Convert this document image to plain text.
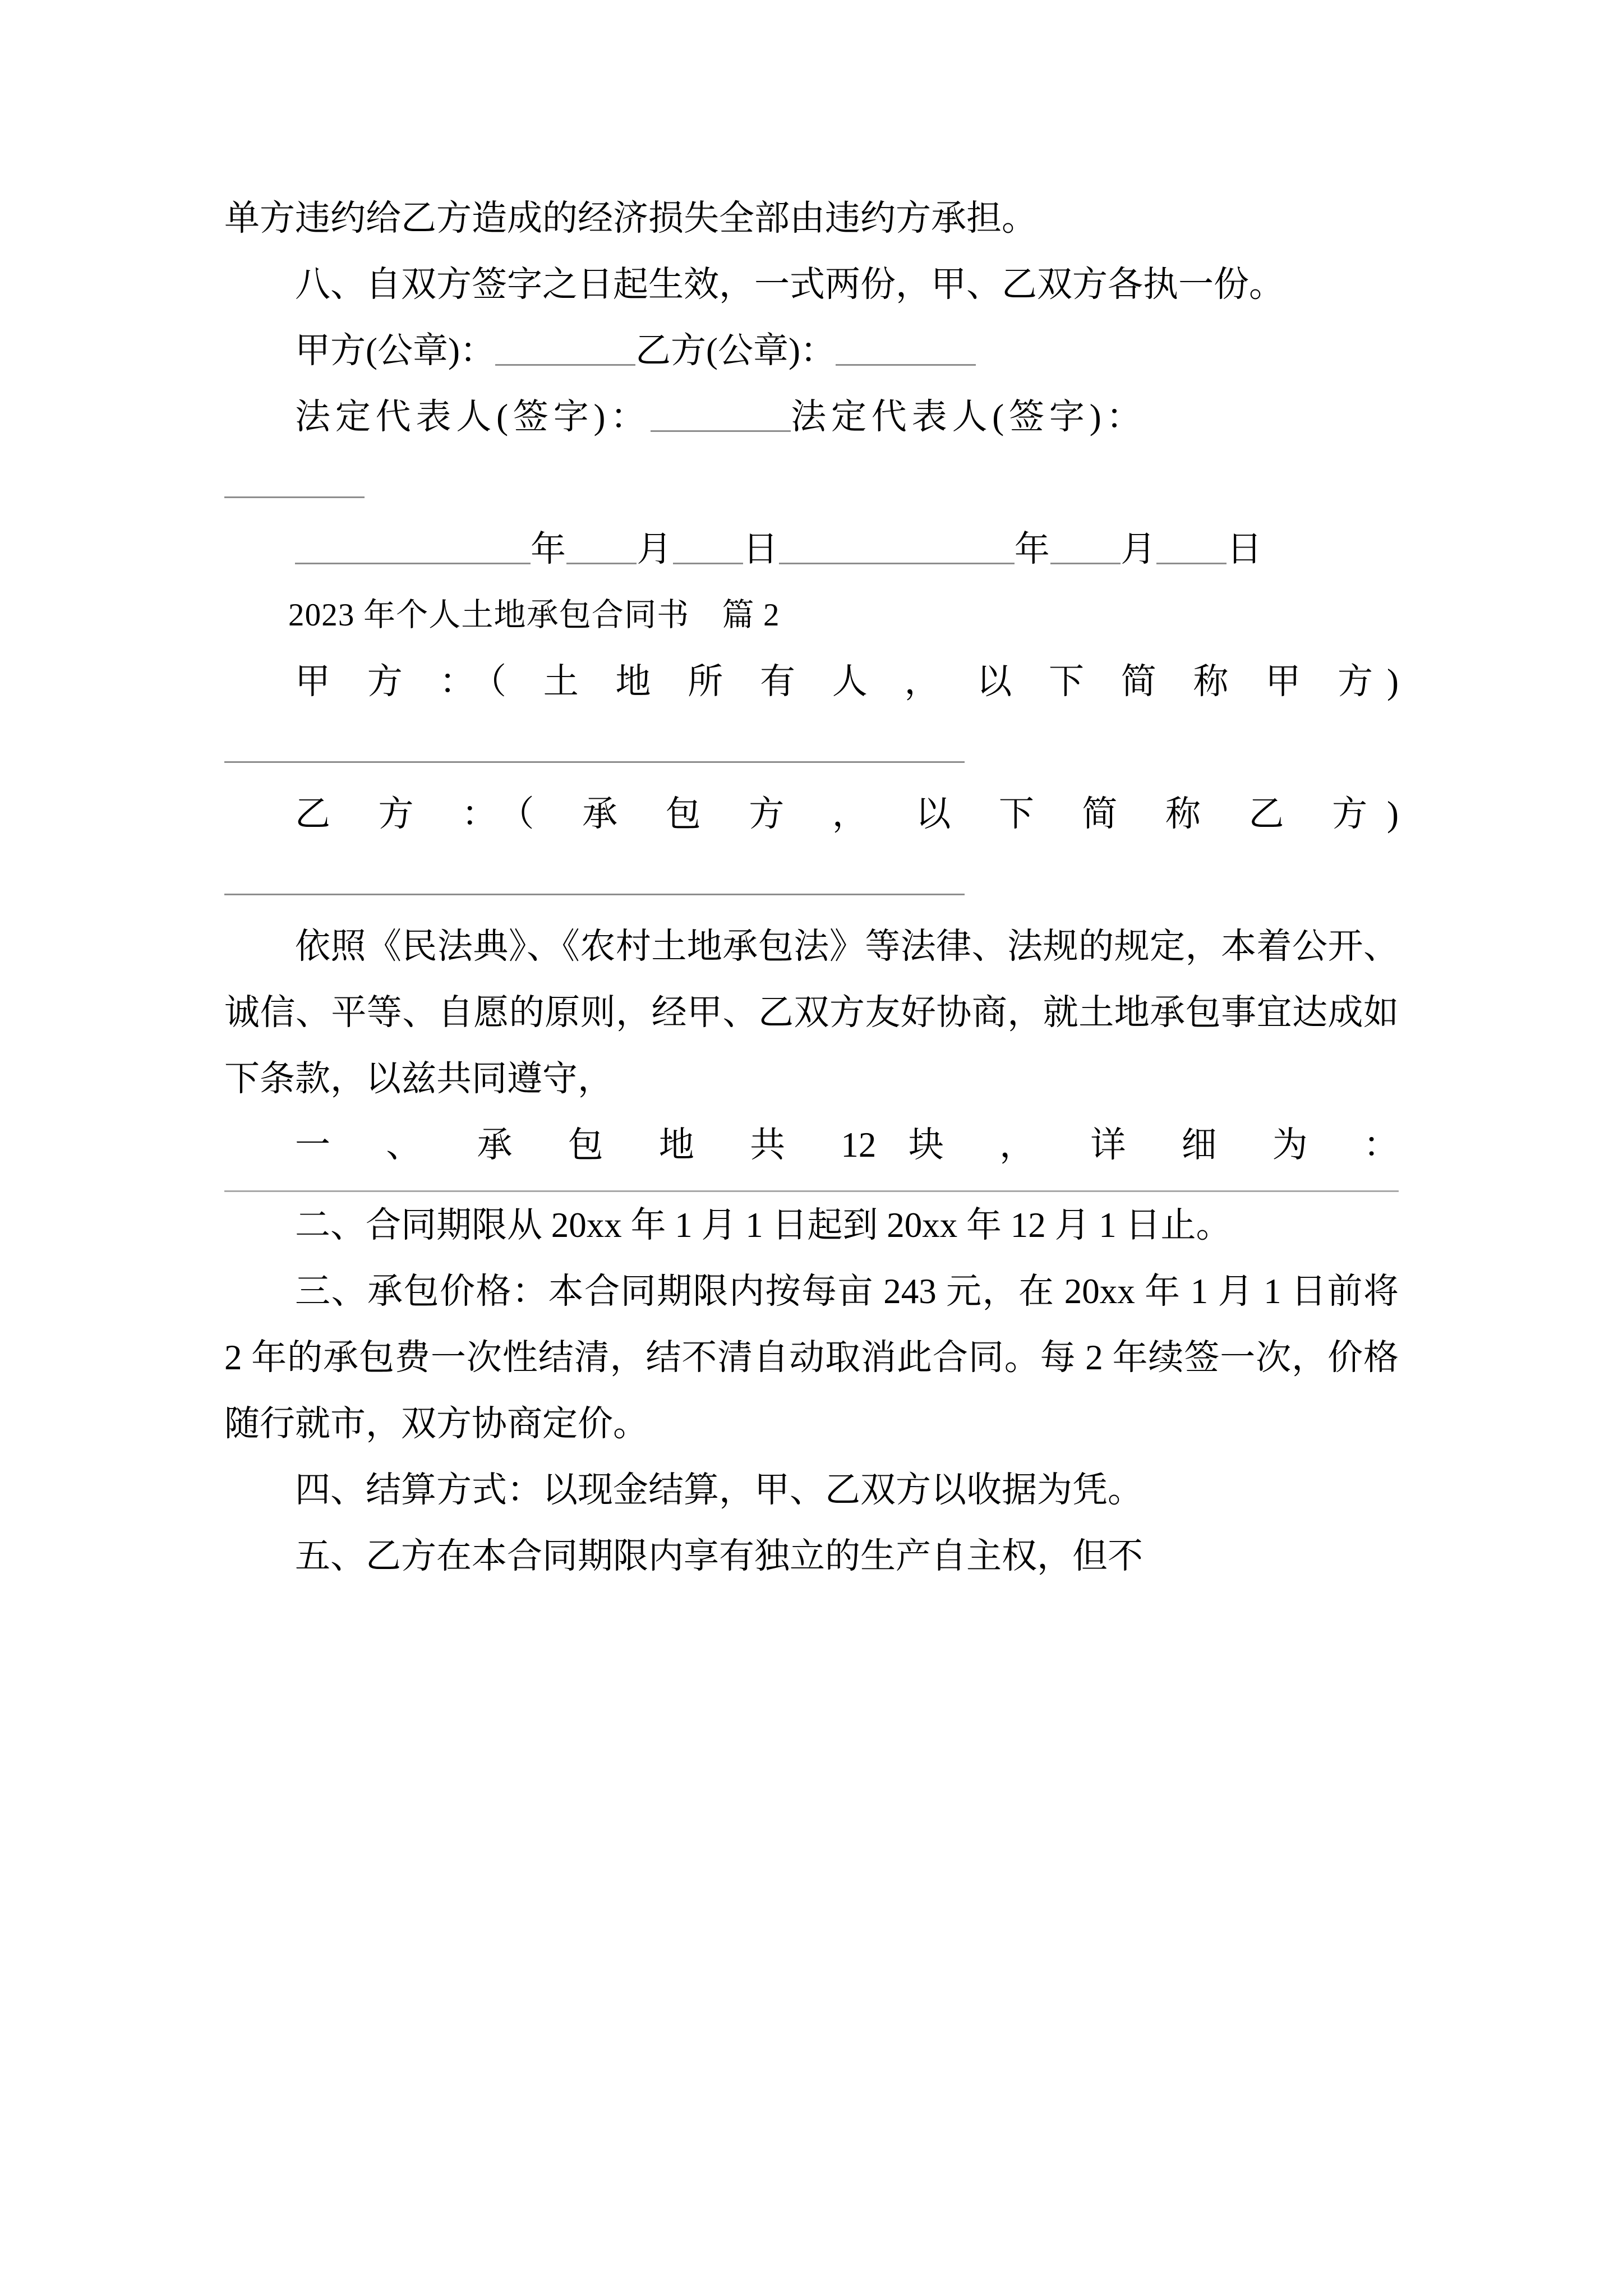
单方违约给乙方造成的经济损失全部由违约方承担。

八、自双方签字之日起生效，一式两份，甲、乙双方各执一份。

甲方(公章)：	乙方(公章)：

法定代表人(签字)：	法定代表人(签字)：

年 月 日	年 月 日

2023 年个人土地承包合同书　篇 2

甲 方 ：（ 土 地 所 有 人 ， 以 下 简 称 甲 方)

乙 方 ：（ 承 包 方 ， 以 下 简 称 乙 方)

依照《民法典》、《农村土地承包法》等法律、法规的规定，本着公开、诚信、平等、自愿的原则，经甲、乙双方友好协商，就土地承包事宜达成如下条款，以兹共同遵守，

一 、 承 包 地 共 12 块 ， 详 细 为 ：

二、合同期限从 20xx 年 1 月 1 日起到 20xx 年 12 月 1 日止。

三、承包价格：本合同期限内按每亩 243 元，在 20xx 年 1 月 1 日前将 2 年的承包费一次性结清，结不清自动取消此合同。每 2 年续签一次，价格随行就市，双方协商定价。

四、结算方式：以现金结算，甲、乙双方以收据为凭。

五、乙方在本合同期限内享有独立的生产自主权，但不
